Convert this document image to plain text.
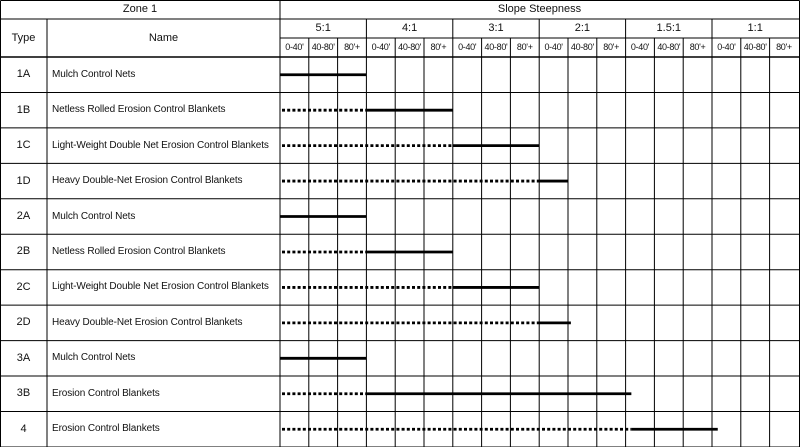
Zone 1	Slope Steepness
Type	Name
5:1	4:1	3:1	2:1	1.5:1	1:1
0-40' 40-80'	80'+	0-40' 40-80'	80'+	0-40' 40-80'	80'+	0-40' 40-80'	80'+	0-40' 40-80'	80'+	0-40' 40-80'	80'+
1A	Mulch Control Nets
1B	Netless Rolled Erosion Control Blankets
1C	Light-Weight Double Net Erosion Control Blankets
1D	Heavy Double-Net Erosion Control Blankets
2A	Mulch Control Nets
2B	Netless Rolled Erosion Control Blankets
2C	Light-Weight Double Net Erosion Control Blankets
2D	Heavy Double-Net Erosion Control Blankets
3A	Mulch Control Nets
3B	Erosion Control Blankets
4	Erosion Control Blankets
